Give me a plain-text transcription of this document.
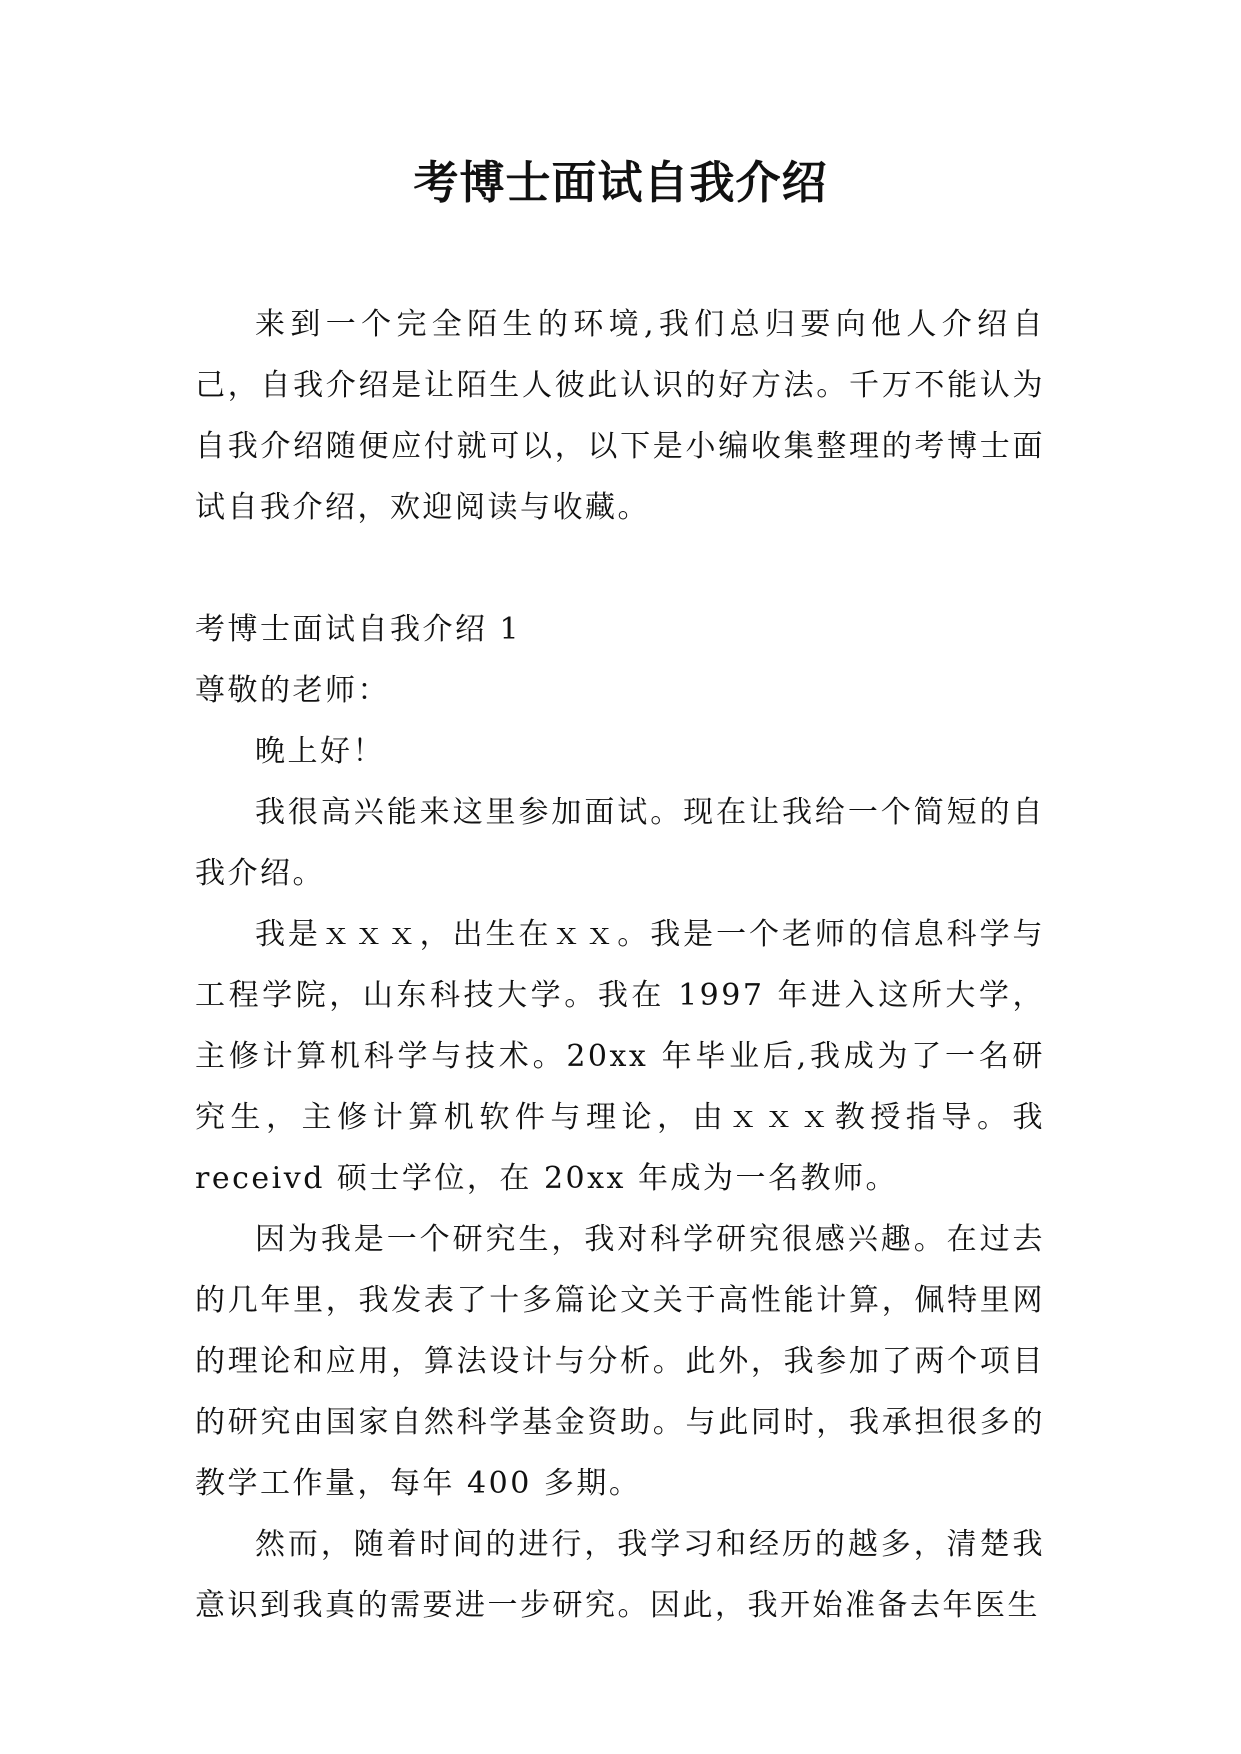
考博士面试自我介绍

来到一个完全陌生的环境,我们总归要向他人介绍自己，自我介绍是让陌生人彼此认识的好方法。千万不能认为自我介绍随便应付就可以，以下是小编收集整理的考博士面试自我介绍，欢迎阅读与收藏。

考博士面试自我介绍 1

尊敬的老师：

晚上好！

我很高兴能来这里参加面试。现在让我给一个简短的自我介绍。

我是ｘｘｘ，出生在ｘｘ。我是一个老师的信息科学与工程学院，山东科技大学。我在 1997 年进入这所大学，主修计算机科学与技术。20xx 年毕业后,我成为了一名研究生，主修计算机软件与理论，由ｘｘｘ教授指导。我 receivd 硕士学位，在 20xx 年成为一名教师。

因为我是一个研究生，我对科学研究很感兴趣。在过去的几年里，我发表了十多篇论文关于高性能计算，佩特里网的理论和应用，算法设计与分析。此外，我参加了两个项目的研究由国家自然科学基金资助。与此同时，我承担很多的教学工作量，每年 400 多期。

然而，随着时间的进行，我学习和经历的越多，清楚我意识到我真的需要进一步研究。因此，我开始准备去年医生
